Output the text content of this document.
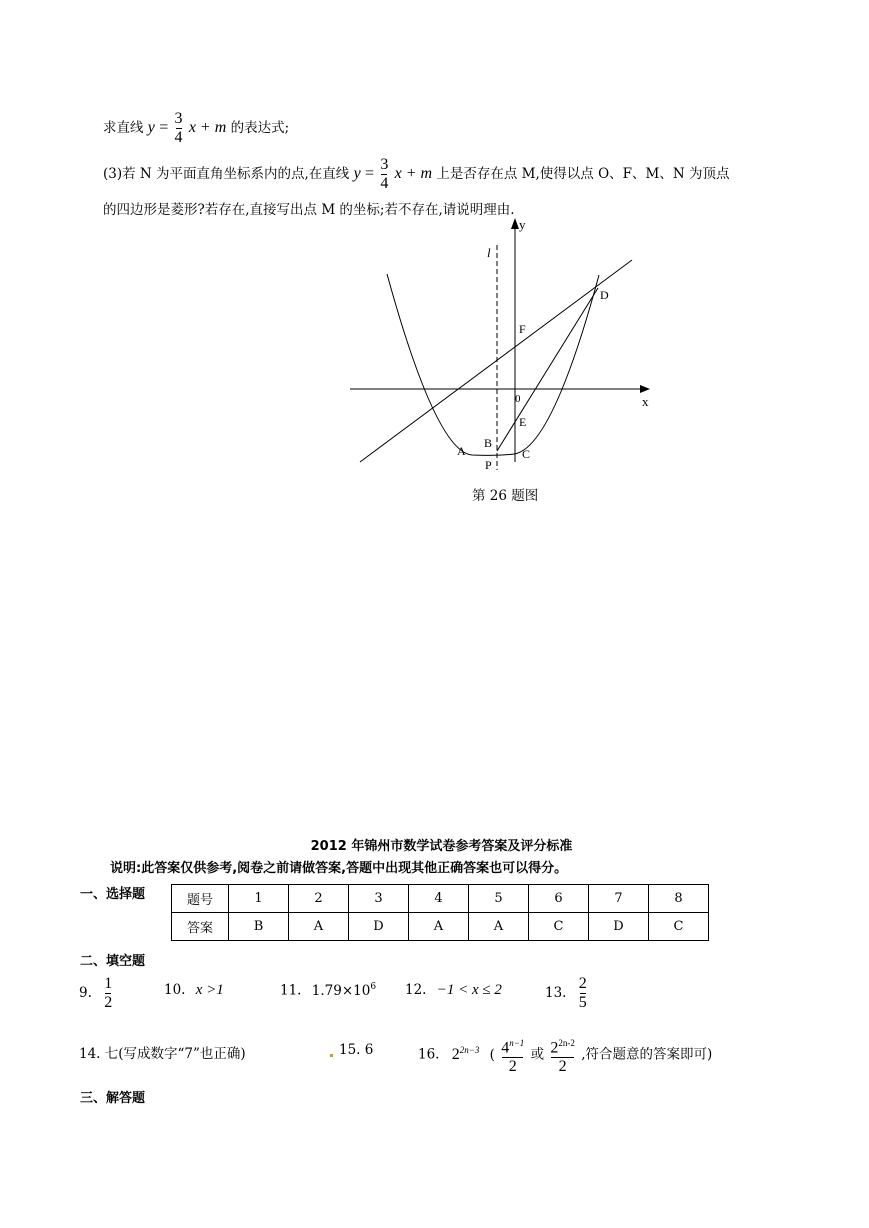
求直线 $y = \frac{3}{4}$ x + m 的表达式;
(3)若 N 为平面直角坐标系内的点,在直线 $y = \frac{3}{4}$ x + m 上是否存在点 M,使得以点 O、F、M、N 为顶点
的四边形是菱形?若存在,直接写出点 M 的坐标;若不存在,请说明理由.
y
x
l
D
F
0
E
B
A
P
C
第 26 题图
2012 年锦州市数学试卷参考答案及评分标准
说明:此答案仅供参考,阅卷之前请做答案,答题中出现其他正确答案也可以得分。
一、选择题	题号	1	2	3	4	5	6	7	8
答案	B	A	D	A	A	C	D	C
二、填空题
9. $\frac{1}{2}$	10. x >1	11. $1.79\times 10^6$ 12. −1 < x ≤ 2	13. $\frac{2}{5}$
14. 七(写成数字“7”也正确)	15. 6	16. $2^{2n-3}$ ( $\frac{4^{n-1}}{2}$ 或 $\frac{2^{2n-2}}{2}$ ,符合题意的答案即可)
三、解答题
